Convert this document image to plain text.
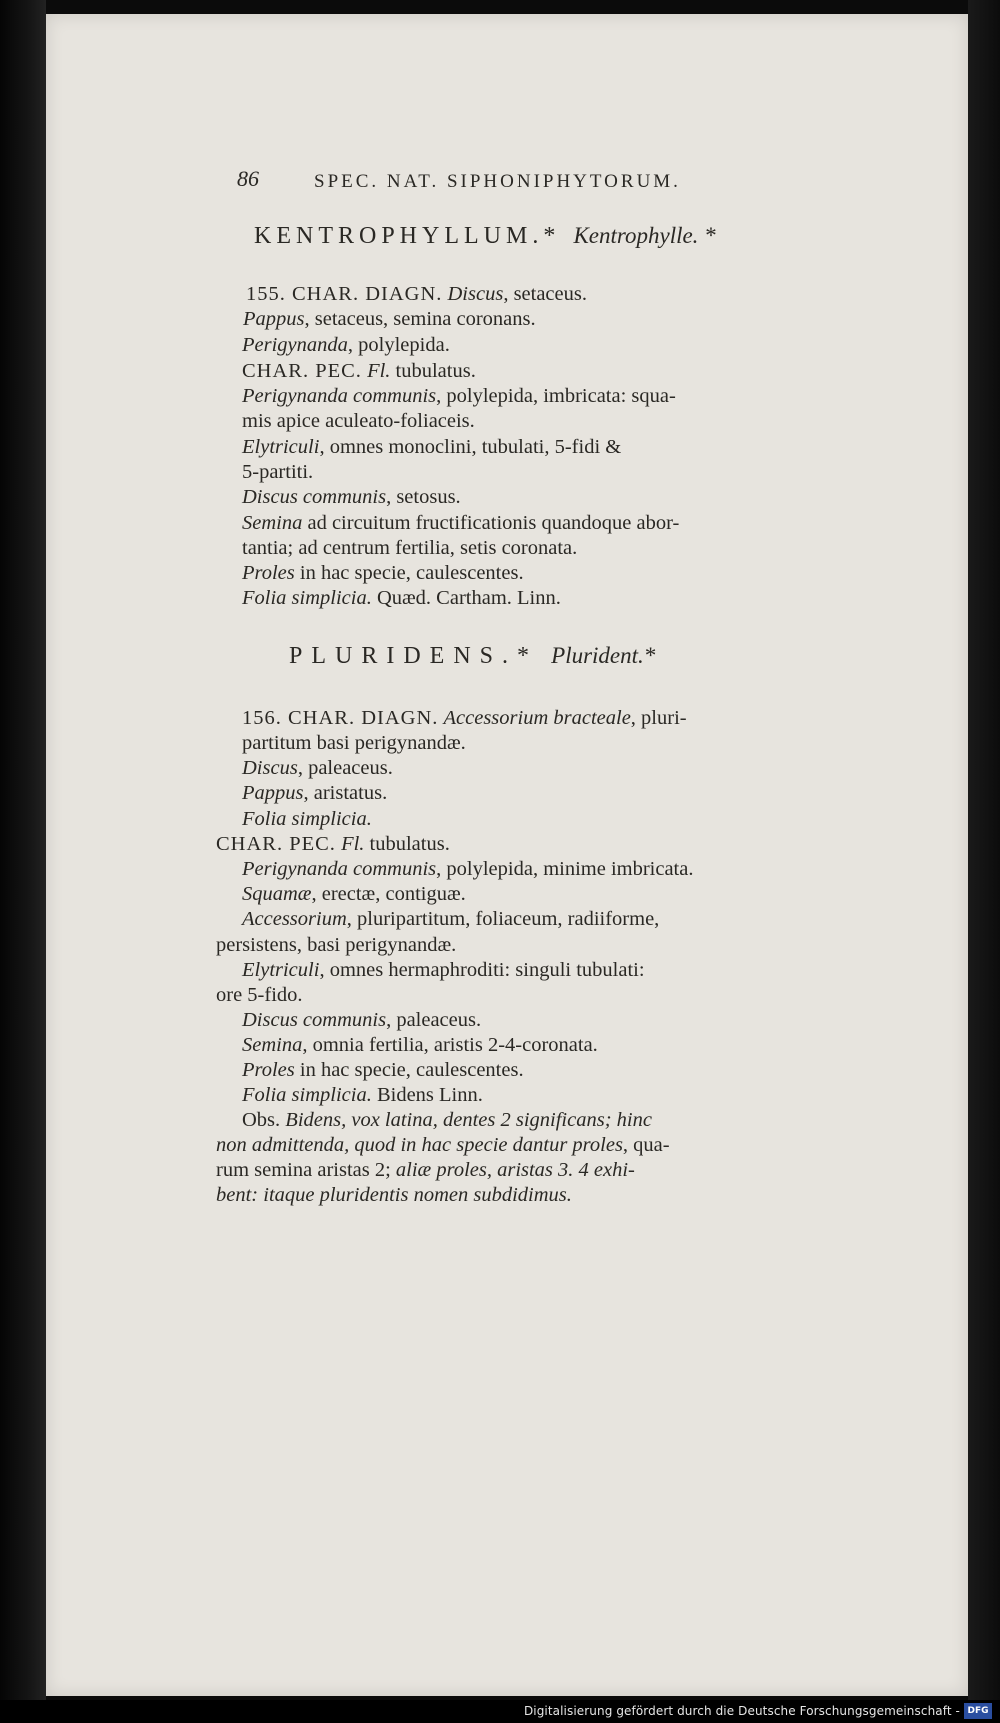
86	SPEC. NAT. SIPHONIPHYTORUM.
KENTROPHYLLUM.* Kentrophylle. *
155. CHAR. DIAGN. Discus, setaceus.
Pappus, setaceus, semina coronans.
Perigynanda, polylepida.
CHAR. PEC. Fl. tubulatus.
Perigynanda communis, polylepida, imbricata: squa-
mis apice aculeato-foliaceis.
Elytriculi, omnes monoclini, tubulati, 5-fidi &
5-partiti.
Discus communis, setosus.
Semina ad circuitum fructificationis quandoque abor-
tantia; ad centrum fertilia, setis coronata.
Proles in hac specie, caulescentes.
Folia simplicia. Quæd. Cartham. Linn.
PLURIDENS.* Plurident.*
156. CHAR. DIAGN. Accessorium bracteale, pluri-
partitum basi perigynandæ.
Discus, paleaceus.
Pappus, aristatus.
Folia simplicia.
CHAR. PEC. Fl. tubulatus.
Perigynanda communis, polylepida, minime imbricata.
Squamæ, erectæ, contiguæ.
Accessorium, pluripartitum, foliaceum, radiiforme,
persistens, basi perigynandæ.
Elytriculi, omnes hermaphroditi: singuli tubulati:
ore 5-fido.
Discus communis, paleaceus.
Semina, omnia fertilia, aristis 2-4-coronata.
Proles in hac specie, caulescentes.
Folia simplicia. Bidens Linn.
Obs. Bidens, vox latina, dentes 2 significans; hinc
non admittenda, quod in hac specie dantur proles, qua-
rum semina aristas 2; aliæ proles, aristas 3. 4 exhi-
bent: itaque pluridentis nomen subdidimus.
Digitalisierung gefördert durch die Deutsche Forschungsgemeinschaft - DFG
